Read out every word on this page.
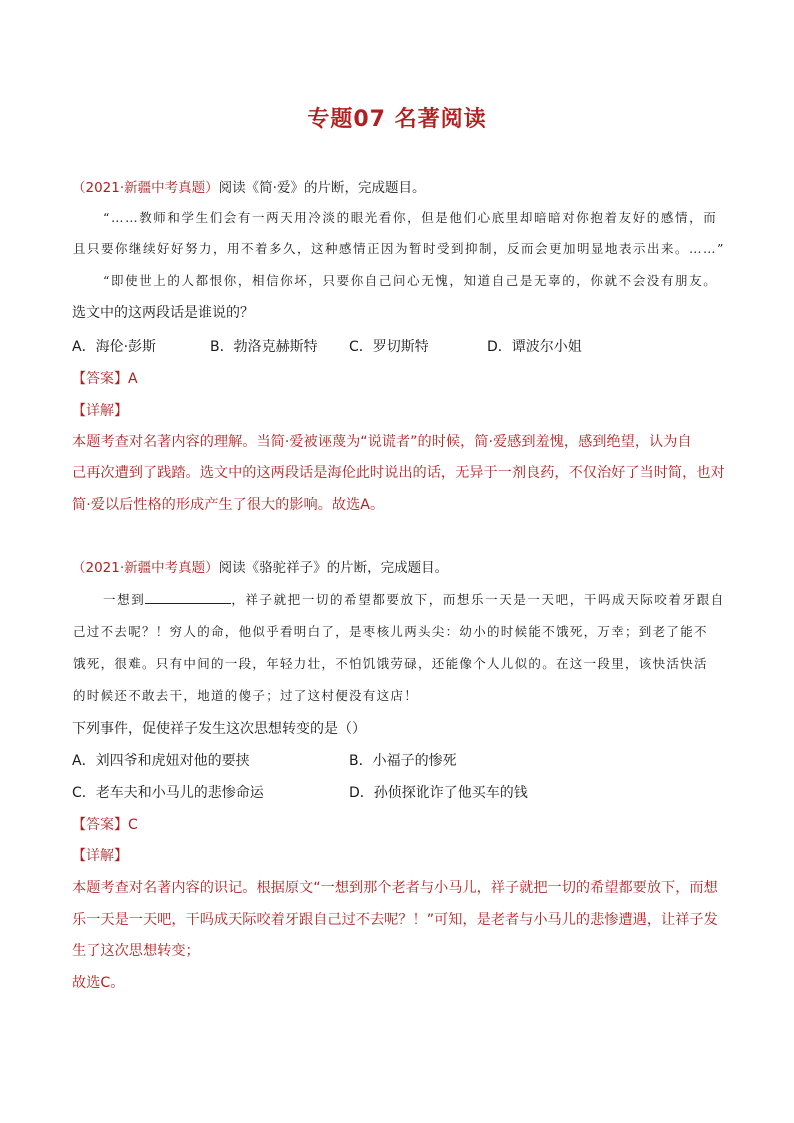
专题07 名著阅读
（2021·新疆中考真题）阅读《简·爱》的片断，完成题目。
“……教师和学生们会有一两天用冷淡的眼光看你，但是他们心底里却暗暗对你抱着友好的感情，而
且只要你继续好好努力，用不着多久，这种感情正因为暂时受到抑制，反而会更加明显地表示出来。……”
“即使世上的人都恨你，相信你坏，只要你自己问心无愧，知道自己是无辜的，你就不会没有朋友。
选文中的这两段话是谁说的？
A．海伦·彭斯	B．勃洛克赫斯特 C．罗切斯特	D．谭波尔小姐
【答案】A
【详解】
本题考查对名著内容的理解。当简·爱被诬蔑为“说谎者”的时候，简·爱感到羞愧，感到绝望，认为自
己再次遭到了践踏。选文中的这两段话是海伦此时说出的话，无异于一剂良药，不仅治好了当时简，也对
简·爱以后性格的形成产生了很大的影响。故选A。
（2021·新疆中考真题）阅读《骆驼祥子》的片断，完成题目。
一想到	，祥子就把一切的希望都要放下，而想乐一天是一天吧，干吗成天际咬着牙跟自
己过不去呢？！穷人的命，他似乎看明白了，是枣核儿两头尖：幼小的时候能不饿死，万幸；到老了能不
饿死，很难。只有中间的一段，年轻力壮，不怕饥饿劳碌，还能像个人儿似的。在这一段里，该快活快活
的时候还不敢去干，地道的傻子；过了这村便没有这店！
下列事件，促使祥子发生这次思想转变的是（）
A．刘四爷和虎妞对他的要挟	B．小福子的惨死
C．老车夫和小马儿的悲惨命运	D．孙侦探讹诈了他买车的钱
【答案】C
【详解】
本题考查对名著内容的识记。根据原文“一想到那个老者与小马儿，祥子就把一切的希望都要放下，而想
乐一天是一天吧，干吗成天际咬着牙跟自己过不去呢？！”可知，是老者与小马儿的悲惨遭遇，让祥子发
生了这次思想转变；
故选C。
